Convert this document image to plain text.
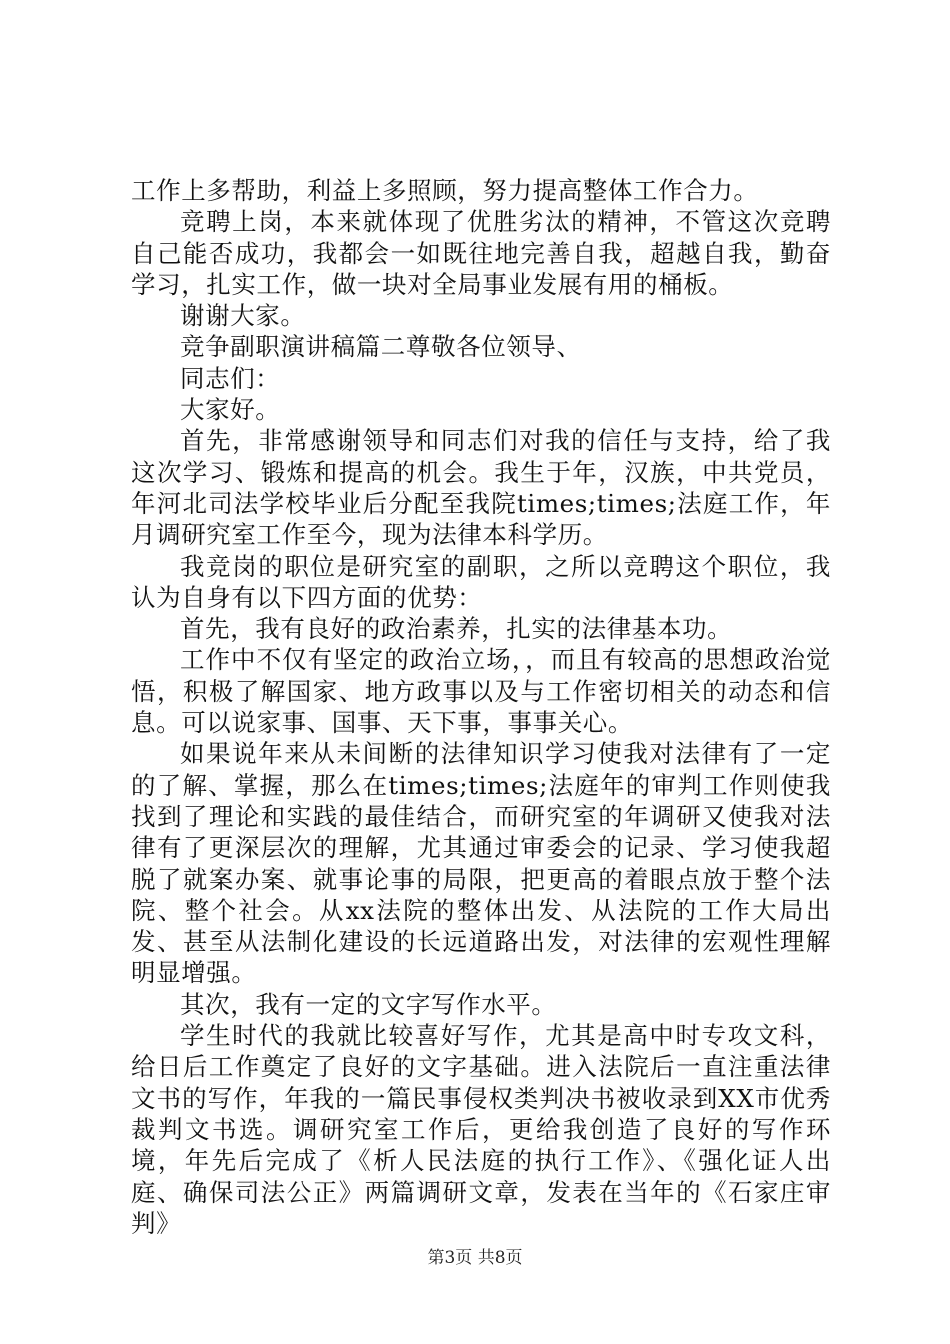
工作上多帮助，利益上多照顾，努力提高整体工作合力。

竞聘上岗，本来就体现了优胜劣汰的精神，不管这次竞聘自己能否成功，我都会一如既往地完善自我，超越自我，勤奋学习，扎实工作，做一块对全局事业发展有用的桶板。

谢谢大家。

竞争副职演讲稿篇二尊敬各位领导、

同志们：

大家好。

首先，非常感谢领导和同志们对我的信任与支持，给了我这次学习、锻炼和提高的机会。我生于年，汉族，中共党员，年河北司法学校毕业后分配至我院times;times;法庭工作，年月调研究室工作至今，现为法律本科学历。

我竞岗的职位是研究室的副职，之所以竞聘这个职位，我认为自身有以下四方面的优势：

首先，我有良好的政治素养，扎实的法律基本功。

工作中不仅有坚定的政治立场，，而且有较高的思想政治觉悟，积极了解国家、地方政事以及与工作密切相关的动态和信息。可以说家事、国事、天下事，事事关心。

如果说年来从未间断的法律知识学习使我对法律有了一定的了解、掌握，那么在times;times;法庭年的审判工作则使我找到了理论和实践的最佳结合，而研究室的年调研又使我对法律有了更深层次的理解，尤其通过审委会的记录、学习使我超脱了就案办案、就事论事的局限，把更高的着眼点放于整个法院、整个社会。从xx法院的整体出发、从法院的工作大局出发、甚至从法制化建设的长远道路出发，对法律的宏观性理解明显增强。

其次，我有一定的文字写作水平。

学生时代的我就比较喜好写作，尤其是高中时专攻文科，给日后工作奠定了良好的文字基础。进入法院后一直注重法律文书的写作，年我的一篇民事侵权类判决书被收录到XX市优秀裁判文书选。调研究室工作后，更给我创造了良好的写作环境，年先后完成了《析人民法庭的执行工作》、《强化证人出庭、确保司法公正》两篇调研文章，发表在当年的《石家庄审判》

第3页 共8页
